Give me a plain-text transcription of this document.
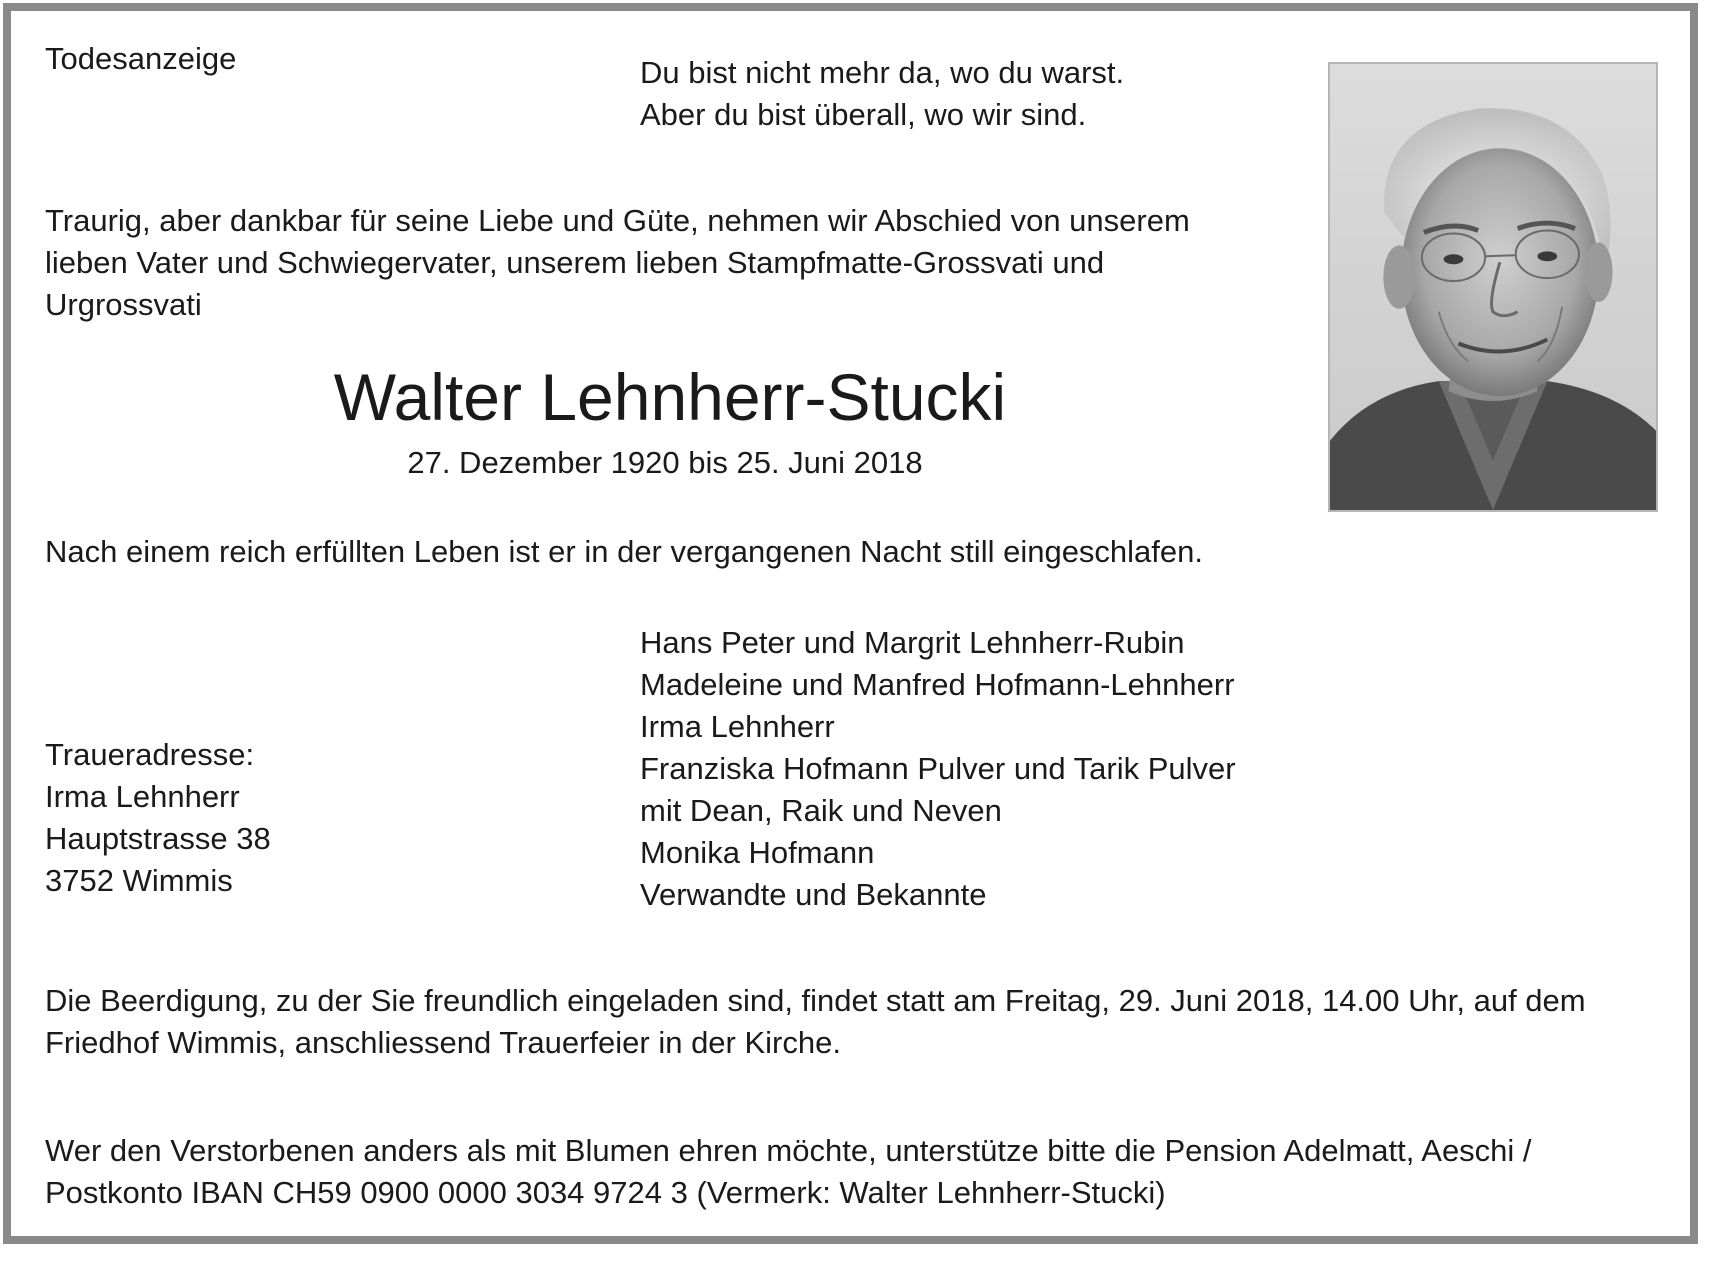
Todesanzeige	Du bist nicht mehr da, wo du warst.
Aber du bist überall, wo wir sind.
Traurig, aber dankbar für seine Liebe und Güte, nehmen wir Abschied von unserem
lieben Vater und Schwiegervater, unserem lieben Stampfmatte-Grossvati und
Urgrossvati
Walter Lehnherr-Stucki
27. Dezember 1920 bis 25. Juni 2018
Nach einem reich erfüllten Leben ist er in der vergangenen Nacht still eingeschlafen.
Hans Peter und Margrit Lehnherr-Rubin
Madeleine und Manfred Hofmann-Lehnherr
Irma Lehnherr
Franziska Hofmann Pulver und Tarik Pulver
mit Dean, Raik und Neven
Monika Hofmann
Verwandte und Bekannte
Traueradresse:
Irma Lehnherr
Hauptstrasse 38
3752 Wimmis
Die Beerdigung, zu der Sie freundlich eingeladen sind, findet statt am Freitag, 29. Juni 2018, 14.00 Uhr, auf dem
Friedhof Wimmis, anschliessend Trauerfeier in der Kirche.
Wer den Verstorbenen anders als mit Blumen ehren möchte, unterstütze bitte die Pension Adelmatt, Aeschi /
Postkonto IBAN CH59 0900 0000 3034 9724 3 (Vermerk: Walter Lehnherr-Stucki)
